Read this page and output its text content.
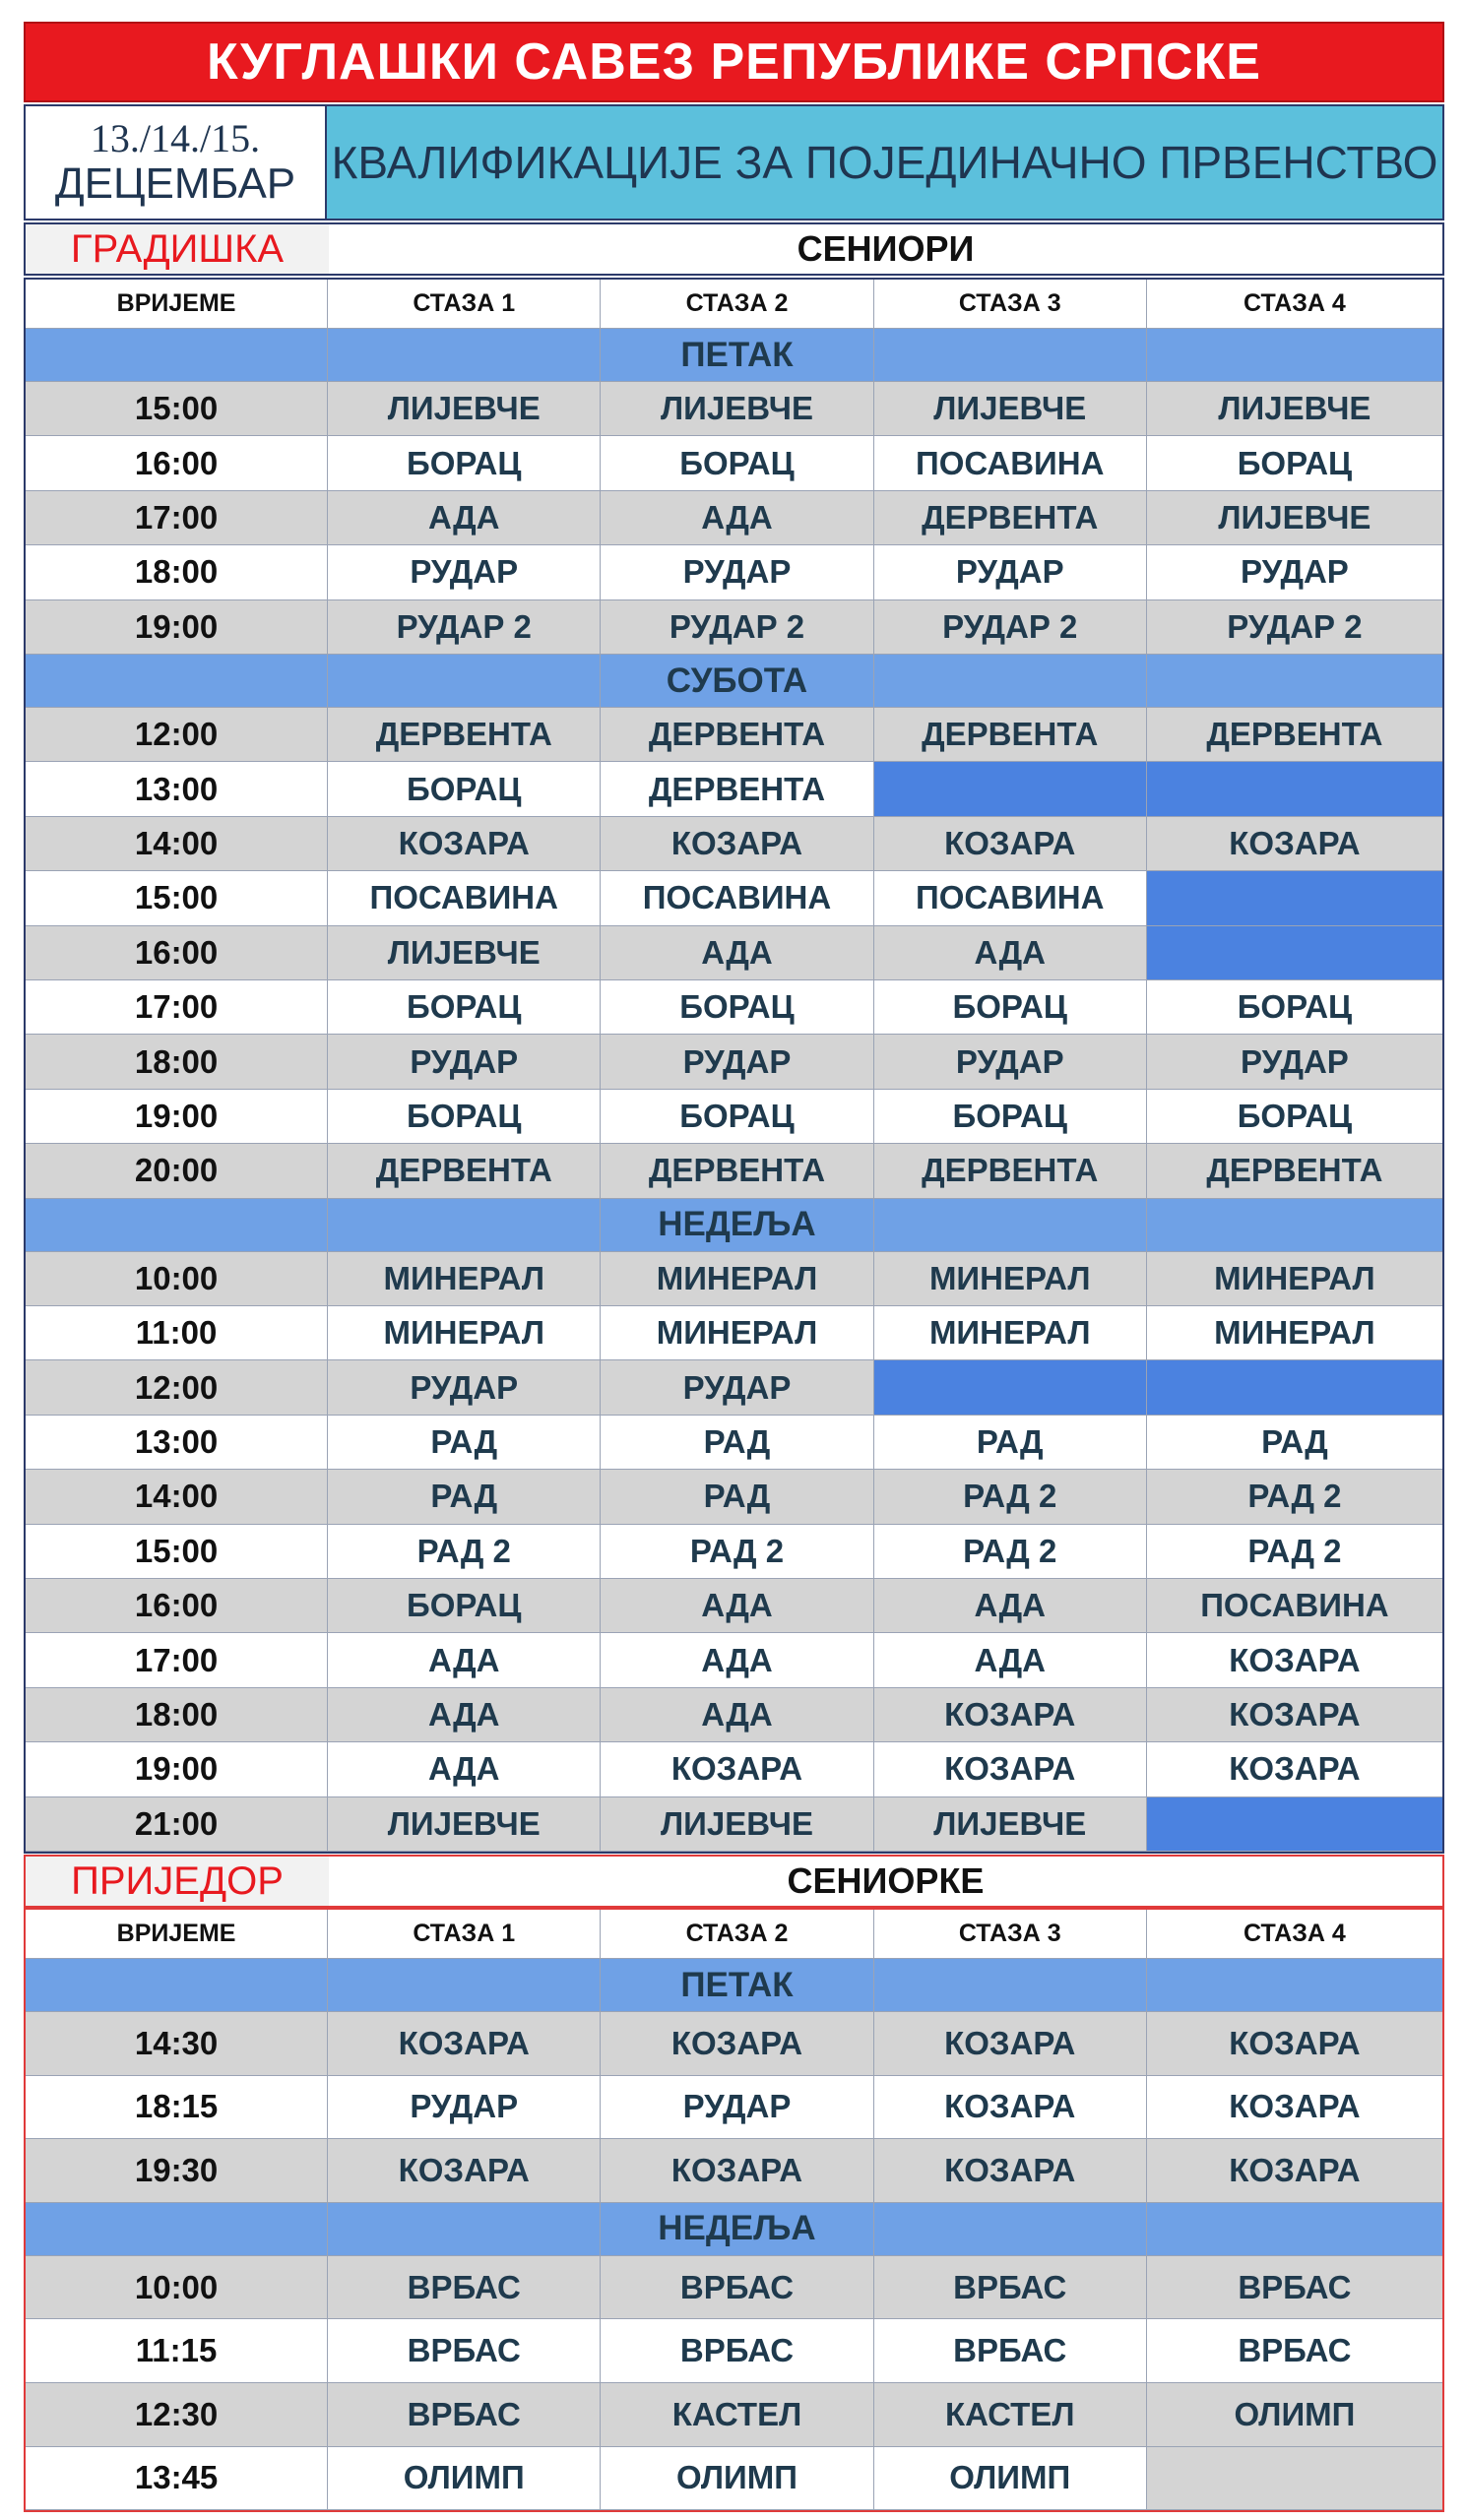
КУГЛАШКИ САВЕЗ РЕПУБЛИКЕ СРПСКЕ
13./14./15.
ДЕЦЕМБАР КВАЛИФИКАЦИЈЕ ЗА ПОЈЕДИНАЧНО ПРВЕНСТВО
ГРАДИШКА	СЕНИОРИ
ВРИЈЕМЕ	СТАЗА 1	СТАЗА 2	СТАЗА 3	СТАЗА 4
ПЕТАК
15:00	ЛИЈЕВЧЕ	ЛИЈЕВЧЕ	ЛИЈЕВЧЕ	ЛИЈЕВЧЕ
16:00	БОРАЦ	БОРАЦ	ПОСАВИНА	БОРАЦ
17:00	АДА	АДА	ДЕРВЕНТА	ЛИЈЕВЧЕ
18:00	РУДАР	РУДАР	РУДАР	РУДАР
19:00	РУДАР 2	РУДАР 2	РУДАР 2	РУДАР 2
СУБОТА
12:00	ДЕРВЕНТА	ДЕРВЕНТА	ДЕРВЕНТА	ДЕРВЕНТА
13:00	БОРАЦ	ДЕРВЕНТА
14:00	КОЗАРА	КОЗАРА	КОЗАРА	КОЗАРА
15:00	ПОСАВИНА	ПОСАВИНА	ПОСАВИНА
16:00	ЛИЈЕВЧЕ	АДА	АДА
17:00	БОРАЦ	БОРАЦ	БОРАЦ	БОРАЦ
18:00	РУДАР	РУДАР	РУДАР	РУДАР
19:00	БОРАЦ	БОРАЦ	БОРАЦ	БОРАЦ
20:00	ДЕРВЕНТА	ДЕРВЕНТА	ДЕРВЕНТА	ДЕРВЕНТА
НЕДЕЉА
10:00	МИНЕРАЛ	МИНЕРАЛ	МИНЕРАЛ	МИНЕРАЛ
11:00	МИНЕРАЛ	МИНЕРАЛ	МИНЕРАЛ	МИНЕРАЛ
12:00	РУДАР	РУДАР
13:00	РАД	РАД	РАД	РАД
14:00	РАД	РАД	РАД 2	РАД 2
15:00	РАД 2	РАД 2	РАД 2	РАД 2
16:00	БОРАЦ	АДА	АДА	ПОСАВИНА
17:00	АДА	АДА	АДА	КОЗАРА
18:00	АДА	АДА	КОЗАРА	КОЗАРА
19:00	АДА	КОЗАРА	КОЗАРА	КОЗАРА
21:00	ЛИЈЕВЧЕ	ЛИЈЕВЧЕ	ЛИЈЕВЧЕ
ПРИЈЕДОР	СЕНИОРКЕ
ВРИЈЕМЕ	СТАЗА 1	СТАЗА 2	СТАЗА 3	СТАЗА 4
ПЕТАК
14:30	КОЗАРА	КОЗАРА	КОЗАРА	КОЗАРА
18:15	РУДАР	РУДАР	КОЗАРА	КОЗАРА
19:30	КОЗАРА	КОЗАРА	КОЗАРА	КОЗАРА
НЕДЕЉА
10:00	ВРБАС	ВРБАС	ВРБАС	ВРБАС
11:15	ВРБАС	ВРБАС	ВРБАС	ВРБАС
12:30	ВРБАС	КАСТЕЛ	КАСТЕЛ	ОЛИМП
13:45	ОЛИМП	ОЛИМП	ОЛИМП
